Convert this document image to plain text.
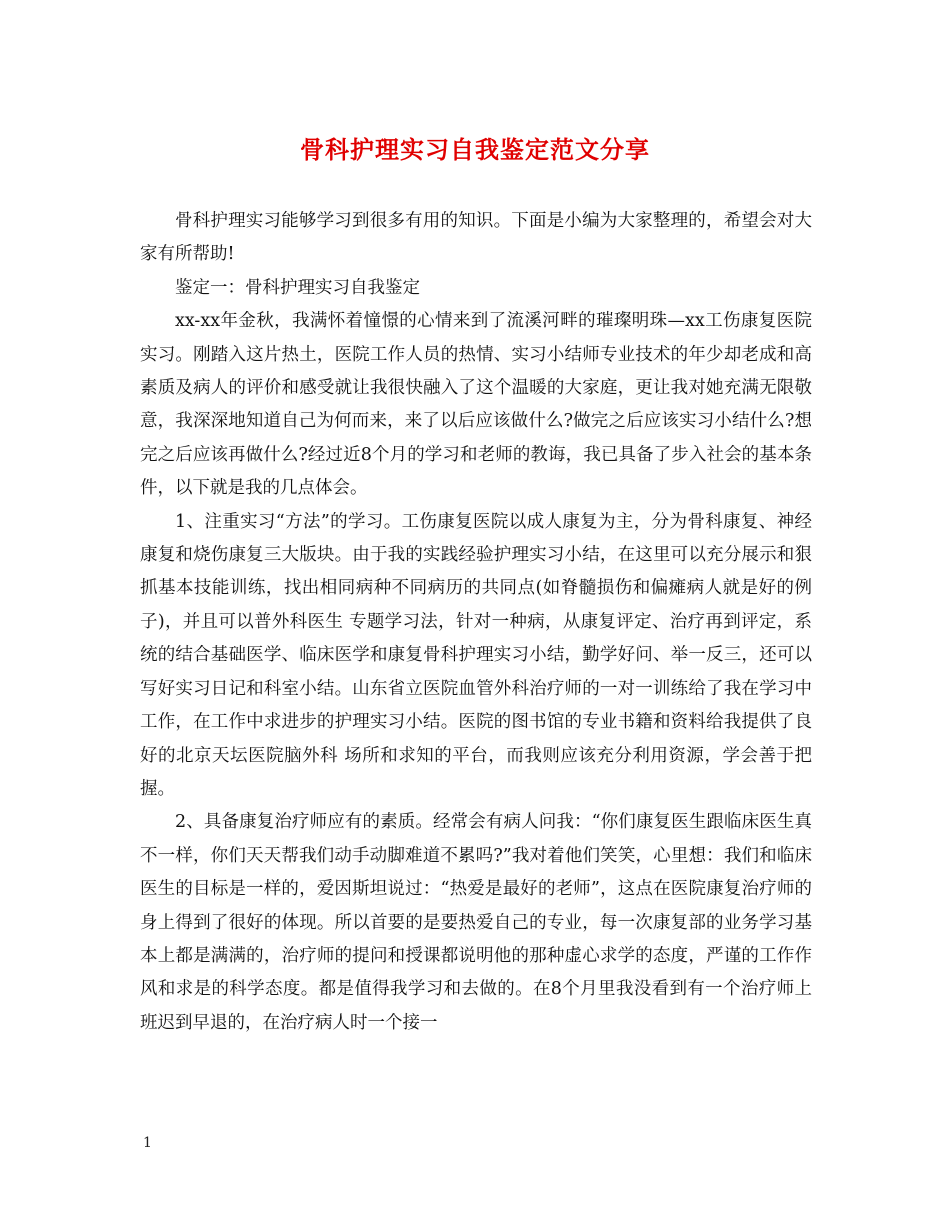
骨科护理实习自我鉴定范文分享

骨科护理实习能够学习到很多有用的知识。下面是小编为大家整理的，希望会对大家有所帮助!

鉴定一：骨科护理实习自我鉴定

xx-xx年金秋，我满怀着憧憬的心情来到了流溪河畔的璀璨明珠—xx工伤康复医院实习。刚踏入这片热土，医院工作人员的热情、实习小结师专业技术的年少却老成和高素质及病人的评价和感受就让我很快融入了这个温暖的大家庭，更让我对她充满无限敬意，我深深地知道自己为何而来，来了以后应该做什么?做完之后应该实习小结什么?想完之后应该再做什么?经过近8个月的学习和老师的教诲，我已具备了步入社会的基本条件，以下就是我的几点体会。

1、注重实习“方法”的学习。工伤康复医院以成人康复为主，分为骨科康复、神经康复和烧伤康复三大版块。由于我的实践经验护理实习小结，在这里可以充分展示和狠抓基本技能训练，找出相同病种不同病历的共同点(如脊髓损伤和偏瘫病人就是好的例子)，并且可以普外科医生 专题学习法，针对一种病，从康复评定、治疗再到评定，系统的结合基础医学、临床医学和康复骨科护理实习小结，勤学好问、举一反三，还可以写好实习日记和科室小结。山东省立医院血管外科治疗师的一对一训练给了我在学习中工作，在工作中求进步的护理实习小结。医院的图书馆的专业书籍和资料给我提供了良好的北京天坛医院脑外科 场所和求知的平台，而我则应该充分利用资源，学会善于把握。

2、具备康复治疗师应有的素质。经常会有病人问我：“你们康复医生跟临床医生真不一样，你们天天帮我们动手动脚难道不累吗?”我对着他们笑笑，心里想：我们和临床医生的目标是一样的，爱因斯坦说过：“热爱是最好的老师”，这点在医院康复治疗师的身上得到了很好的体现。所以首要的是要热爱自己的专业，每一次康复部的业务学习基本上都是满满的，治疗师的提问和授课都说明他的那种虚心求学的态度，严谨的工作作风和求是的科学态度。都是值得我学习和去做的。在8个月里我没看到有一个治疗师上班迟到早退的，在治疗病人时一个接一

1
